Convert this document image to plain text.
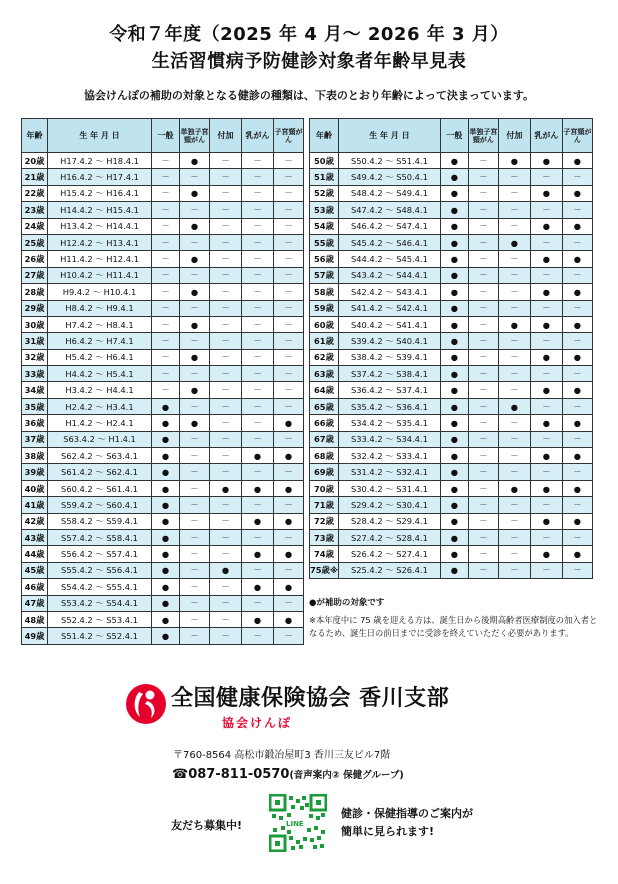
令和７年度（2025 年 4 月～ 2026 年 3 月）
生活習慣病予防健診対象者年齢早見表
協会けんぽの補助の対象となる健診の種類は、下表のとおり年齢によって決まっています。
年齢	生 年 月 日	一般	単独子宮頸がん	付加	乳がん	子宮頸がん
20歳	H17.4.2 ～ H18.4.1	－	●	－	－	－
21歳	H16.4.2 ～ H17.4.1	－	－	－	－	－
22歳	H15.4.2 ～ H16.4.1	－	●	－	－	－
23歳	H14.4.2 ～ H15.4.1	－	－	－	－	－
24歳	H13.4.2 ～ H14.4.1	－	●	－	－	－
25歳	H12.4.2 ～ H13.4.1	－	－	－	－	－
26歳	H11.4.2 ～ H12.4.1	－	●	－	－	－
27歳	H10.4.2 ～ H11.4.1	－	－	－	－	－
28歳	H9.4.2 ～ H10.4.1	－	●	－	－	－
29歳	H8.4.2 ～ H9.4.1	－	－	－	－	－
30歳	H7.4.2 ～ H8.4.1	－	●	－	－	－
31歳	H6.4.2 ～ H7.4.1	－	－	－	－	－
32歳	H5.4.2 ～ H6.4.1	－	●	－	－	－
33歳	H4.4.2 ～ H5.4.1	－	－	－	－	－
34歳	H3.4.2 ～ H4.4.1	－	●	－	－	－
35歳	H2.4.2 ～ H3.4.1	●	－	－	－	－
36歳	H1.4.2 ～ H2.4.1	●	●	－	－	●
37歳	S63.4.2 ～ H1.4.1	●	－	－	－	－
38歳	S62.4.2 ～ S63.4.1	●	－	－	●	●
39歳	S61.4.2 ～ S62.4.1	●	－	－	－	－
40歳	S60.4.2 ～ S61.4.1	●	－	●	●	●
41歳	S59.4.2 ～ S60.4.1	●	－	－	－	－
42歳	S58.4.2 ～ S59.4.1	●	－	－	●	●
43歳	S57.4.2 ～ S58.4.1	●	－	－	－	－
44歳	S56.4.2 ～ S57.4.1	●	－	－	●	●
45歳	S55.4.2 ～ S56.4.1	●	－	●	－	－
46歳	S54.4.2 ～ S55.4.1	●	－	－	●	●
47歳	S53.4.2 ～ S54.4.1	●	－	－	－	－
48歳	S52.4.2 ～ S53.4.1	●	－	－	●	●
49歳	S51.4.2 ～ S52.4.1	●	－	－	－	－
年齢	生 年 月 日	一般	単独子宮頸がん	付加	乳がん	子宮頸がん
50歳	S50.4.2 ～ S51.4.1	●	－	●	●	●
51歳	S49.4.2 ～ S50.4.1	●	－	－	－	－
52歳	S48.4.2 ～ S49.4.1	●	－	－	●	●
53歳	S47.4.2 ～ S48.4.1	●	－	－	－	－
54歳	S46.4.2 ～ S47.4.1	●	－	－	●	●
55歳	S45.4.2 ～ S46.4.1	●	－	●	－	－
56歳	S44.4.2 ～ S45.4.1	●	－	－	●	●
57歳	S43.4.2 ～ S44.4.1	●	－	－	－	－
58歳	S42.4.2 ～ S43.4.1	●	－	－	●	●
59歳	S41.4.2 ～ S42.4.1	●	－	－	－	－
60歳	S40.4.2 ～ S41.4.1	●	－	●	●	●
61歳	S39.4.2 ～ S40.4.1	●	－	－	－	－
62歳	S38.4.2 ～ S39.4.1	●	－	－	●	●
63歳	S37.4.2 ～ S38.4.1	●	－	－	－	－
64歳	S36.4.2 ～ S37.4.1	●	－	－	●	●
65歳	S35.4.2 ～ S36.4.1	●	－	●	－	－
66歳	S34.4.2 ～ S35.4.1	●	－	－	●	●
67歳	S33.4.2 ～ S34.4.1	●	－	－	－	－
68歳	S32.4.2 ～ S33.4.1	●	－	－	●	●
69歳	S31.4.2 ～ S32.4.1	●	－	－	－	－
70歳	S30.4.2 ～ S31.4.1	●	－	●	●	●
71歳	S29.4.2 ～ S30.4.1	●	－	－	－	－
72歳	S28.4.2 ～ S29.4.1	●	－	－	●	●
73歳	S27.4.2 ～ S28.4.1	●	－	－	－	－
74歳	S26.4.2 ～ S27.4.1	●	－	－	●	●
75歳※	S25.4.2 ～ S26.4.1	●	－	－	－	－
●が補助の対象です
※本年度中に 75 歳を迎える方は、誕生日から後期高齢者医療制度の加入者となるため、誕生日の前日までに受診を終えていただく必要があります。
全国健康保険協会 香川支部
協会けんぽ
〒760-8564 高松市鍛冶屋町3 香川三友ビル7階
☎087-811-0570(音声案内② 保健グループ)
友だち募集中!	LINE
健診・保健指導のご案内が
簡単に見られます!
